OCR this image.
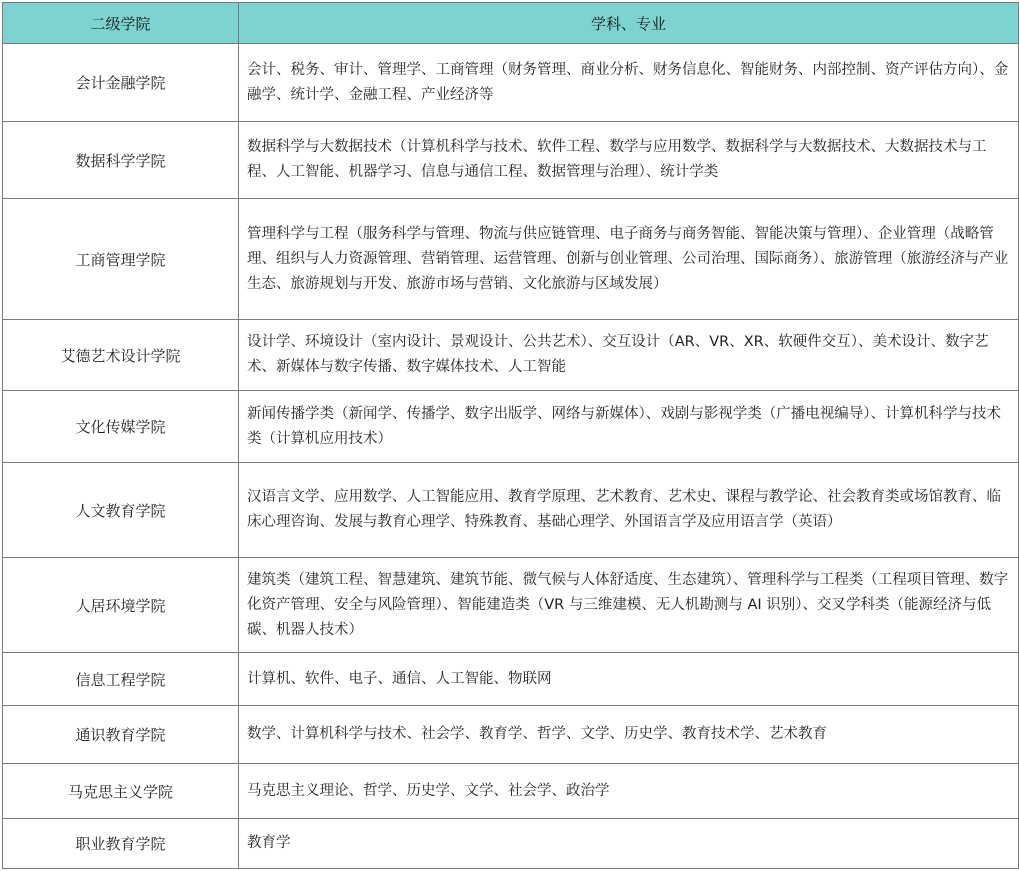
二级学院	学科、专业
会计金融学院	会计、税务、审计、管理学、工商管理（财务管理、商业分析、财务信息化、智能财务、内部控制、资产评估方向）、金融学、统计学、金融工程、产业经济等
数据科学学院	数据科学与大数据技术（计算机科学与技术、软件工程、数学与应用数学、数据科学与大数据技术、大数据技术与工程、人工智能、机器学习、信息与通信工程、数据管理与治理）、统计学类
工商管理学院	管理科学与工程（服务科学与管理、物流与供应链管理、电子商务与商务智能、智能决策与管理）、企业管理（战略管理、组织与人力资源管理、营销管理、运营管理、创新与创业管理、公司治理、国际商务）、旅游管理（旅游经济与产业生态、旅游规划与开发、旅游市场与营销、文化旅游与区域发展）
艾德艺术设计学院	设计学、环境设计（室内设计、景观设计、公共艺术）、交互设计（AR、VR、XR、软硬件交互）、美术设计、数字艺术、新媒体与数字传播、数字媒体技术、人工智能
文化传媒学院	新闻传播学类（新闻学、传播学、数字出版学、网络与新媒体）、戏剧与影视学类（广播电视编导）、计算机科学与技术类（计算机应用技术）
人文教育学院	汉语言文学、应用数学、人工智能应用、教育学原理、艺术教育、艺术史、课程与教学论、社会教育类或场馆教育、临床心理咨询、发展与教育心理学、特殊教育、基础心理学、外国语言学及应用语言学（英语）
人居环境学院	建筑类（建筑工程、智慧建筑、建筑节能、微气候与人体舒适度、生态建筑）、管理科学与工程类（工程项目管理、数字化资产管理、安全与风险管理）、智能建造类（VR 与三维建模、无人机勘测与 AI 识别）、交叉学科类（能源经济与低碳、机器人技术）
信息工程学院	计算机、软件、电子、通信、人工智能、物联网
通识教育学院	数学、计算机科学与技术、社会学、教育学、哲学、文学、历史学、教育技术学、艺术教育
马克思主义学院	马克思主义理论、哲学、历史学、文学、社会学、政治学
职业教育学院	教育学
